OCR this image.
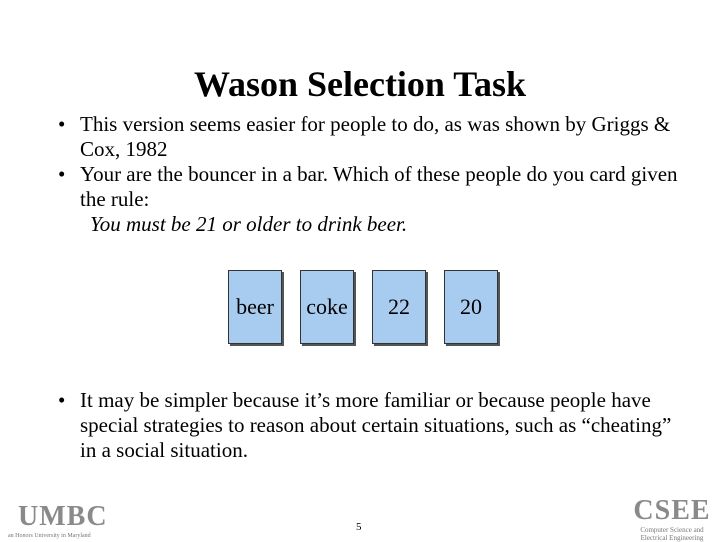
Wason Selection Task
• This version seems easier for people to do, as was shown by Griggs & Cox, 1982
• Your are the bouncer in a bar. Which of these people do you card given the rule:
You must be 21 or older to drink beer.
beer	coke	22	20
• It may be simpler because it’s more familiar or because people have special strategies to reason about certain situations, such as “cheating” in a social situation.
UMBC
an Honors University in Maryland
5
CSEE
Computer Science and
Electrical Engineering
